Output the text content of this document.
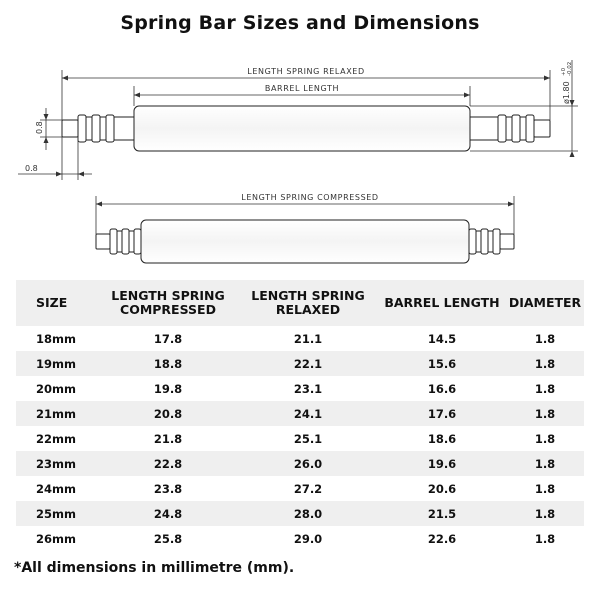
Spring Bar Sizes and Dimensions
LENGTH SPRING RELAXED
BARREL LENGTH	ø1.80
+0 -0.02
0.8
0.8
LENGTH SPRING COMPRESSED
SIZE	LENGTH SPRING COMPRESSED	LENGTH SPRING RELAXED	BARREL LENGTH	DIAMETER
18mm	17.8	21.1	14.5	1.8
19mm	18.8	22.1	15.6	1.8
20mm	19.8	23.1	16.6	1.8
21mm	20.8	24.1	17.6	1.8
22mm	21.8	25.1	18.6	1.8
23mm	22.8	26.0	19.6	1.8
24mm	23.8	27.2	20.6	1.8
25mm	24.8	28.0	21.5	1.8
26mm	25.8	29.0	22.6	1.8
*All dimensions in millimetre (mm).
